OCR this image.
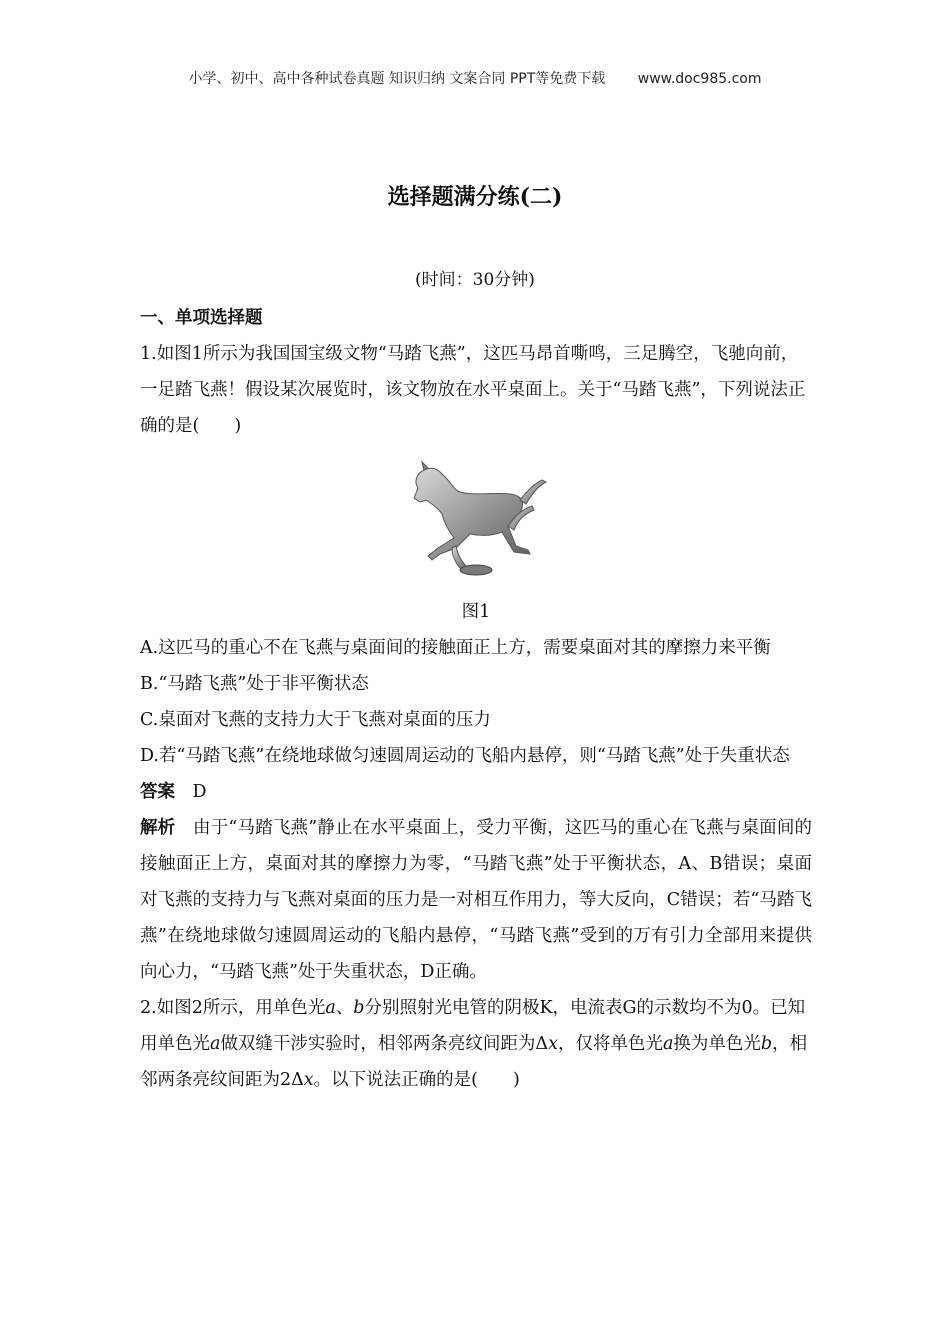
小学、初中、高中各种试卷真题 知识归纳 文案合同 PPT等免费下载 www.doc985.com
选择题满分练(二)
(时间：30分钟)

一、单项选择题

1.如图1所示为我国国宝级文物“马踏飞燕”，这匹马昂首嘶鸣，三足腾空，飞驰向前，一足踏飞燕！假设某次展览时，该文物放在水平桌面上。关于“马踏飞燕”，下列说法正确的是(　　)

图1

A.这匹马的重心不在飞燕与桌面间的接触面正上方，需要桌面对其的摩擦力来平衡

B.“马踏飞燕”处于非平衡状态

C.桌面对飞燕的支持力大于飞燕对桌面的压力

D.若“马踏飞燕”在绕地球做匀速圆周运动的飞船内悬停，则“马踏飞燕”处于失重状态

答案　 D

解析　 由于“马踏飞燕”静止在水平桌面上，受力平衡，这匹马的重心在飞燕与桌面间的接触面正上方，桌面对其的摩擦力为零，“马踏飞燕”处于平衡状态，A、B错误；桌面对飞燕的支持力与飞燕对桌面的压力是一对相互作用力，等大反向，C错误；若“马踏飞燕”在绕地球做匀速圆周运动的飞船内悬停，“马踏飞燕”受到的万有引力全部用来提供向心力，“马踏飞燕”处于失重状态，D正确。

2.如图2所示，用单色光a、b分别照射光电管的阴极K，电流表G的示数均不为0。已知用单色光a做双缝干涉实验时，相邻两条亮纹间距为Δx，仅将单色光a换为单色光b，相邻两条亮纹间距为2Δx。以下说法正确的是(　　)
